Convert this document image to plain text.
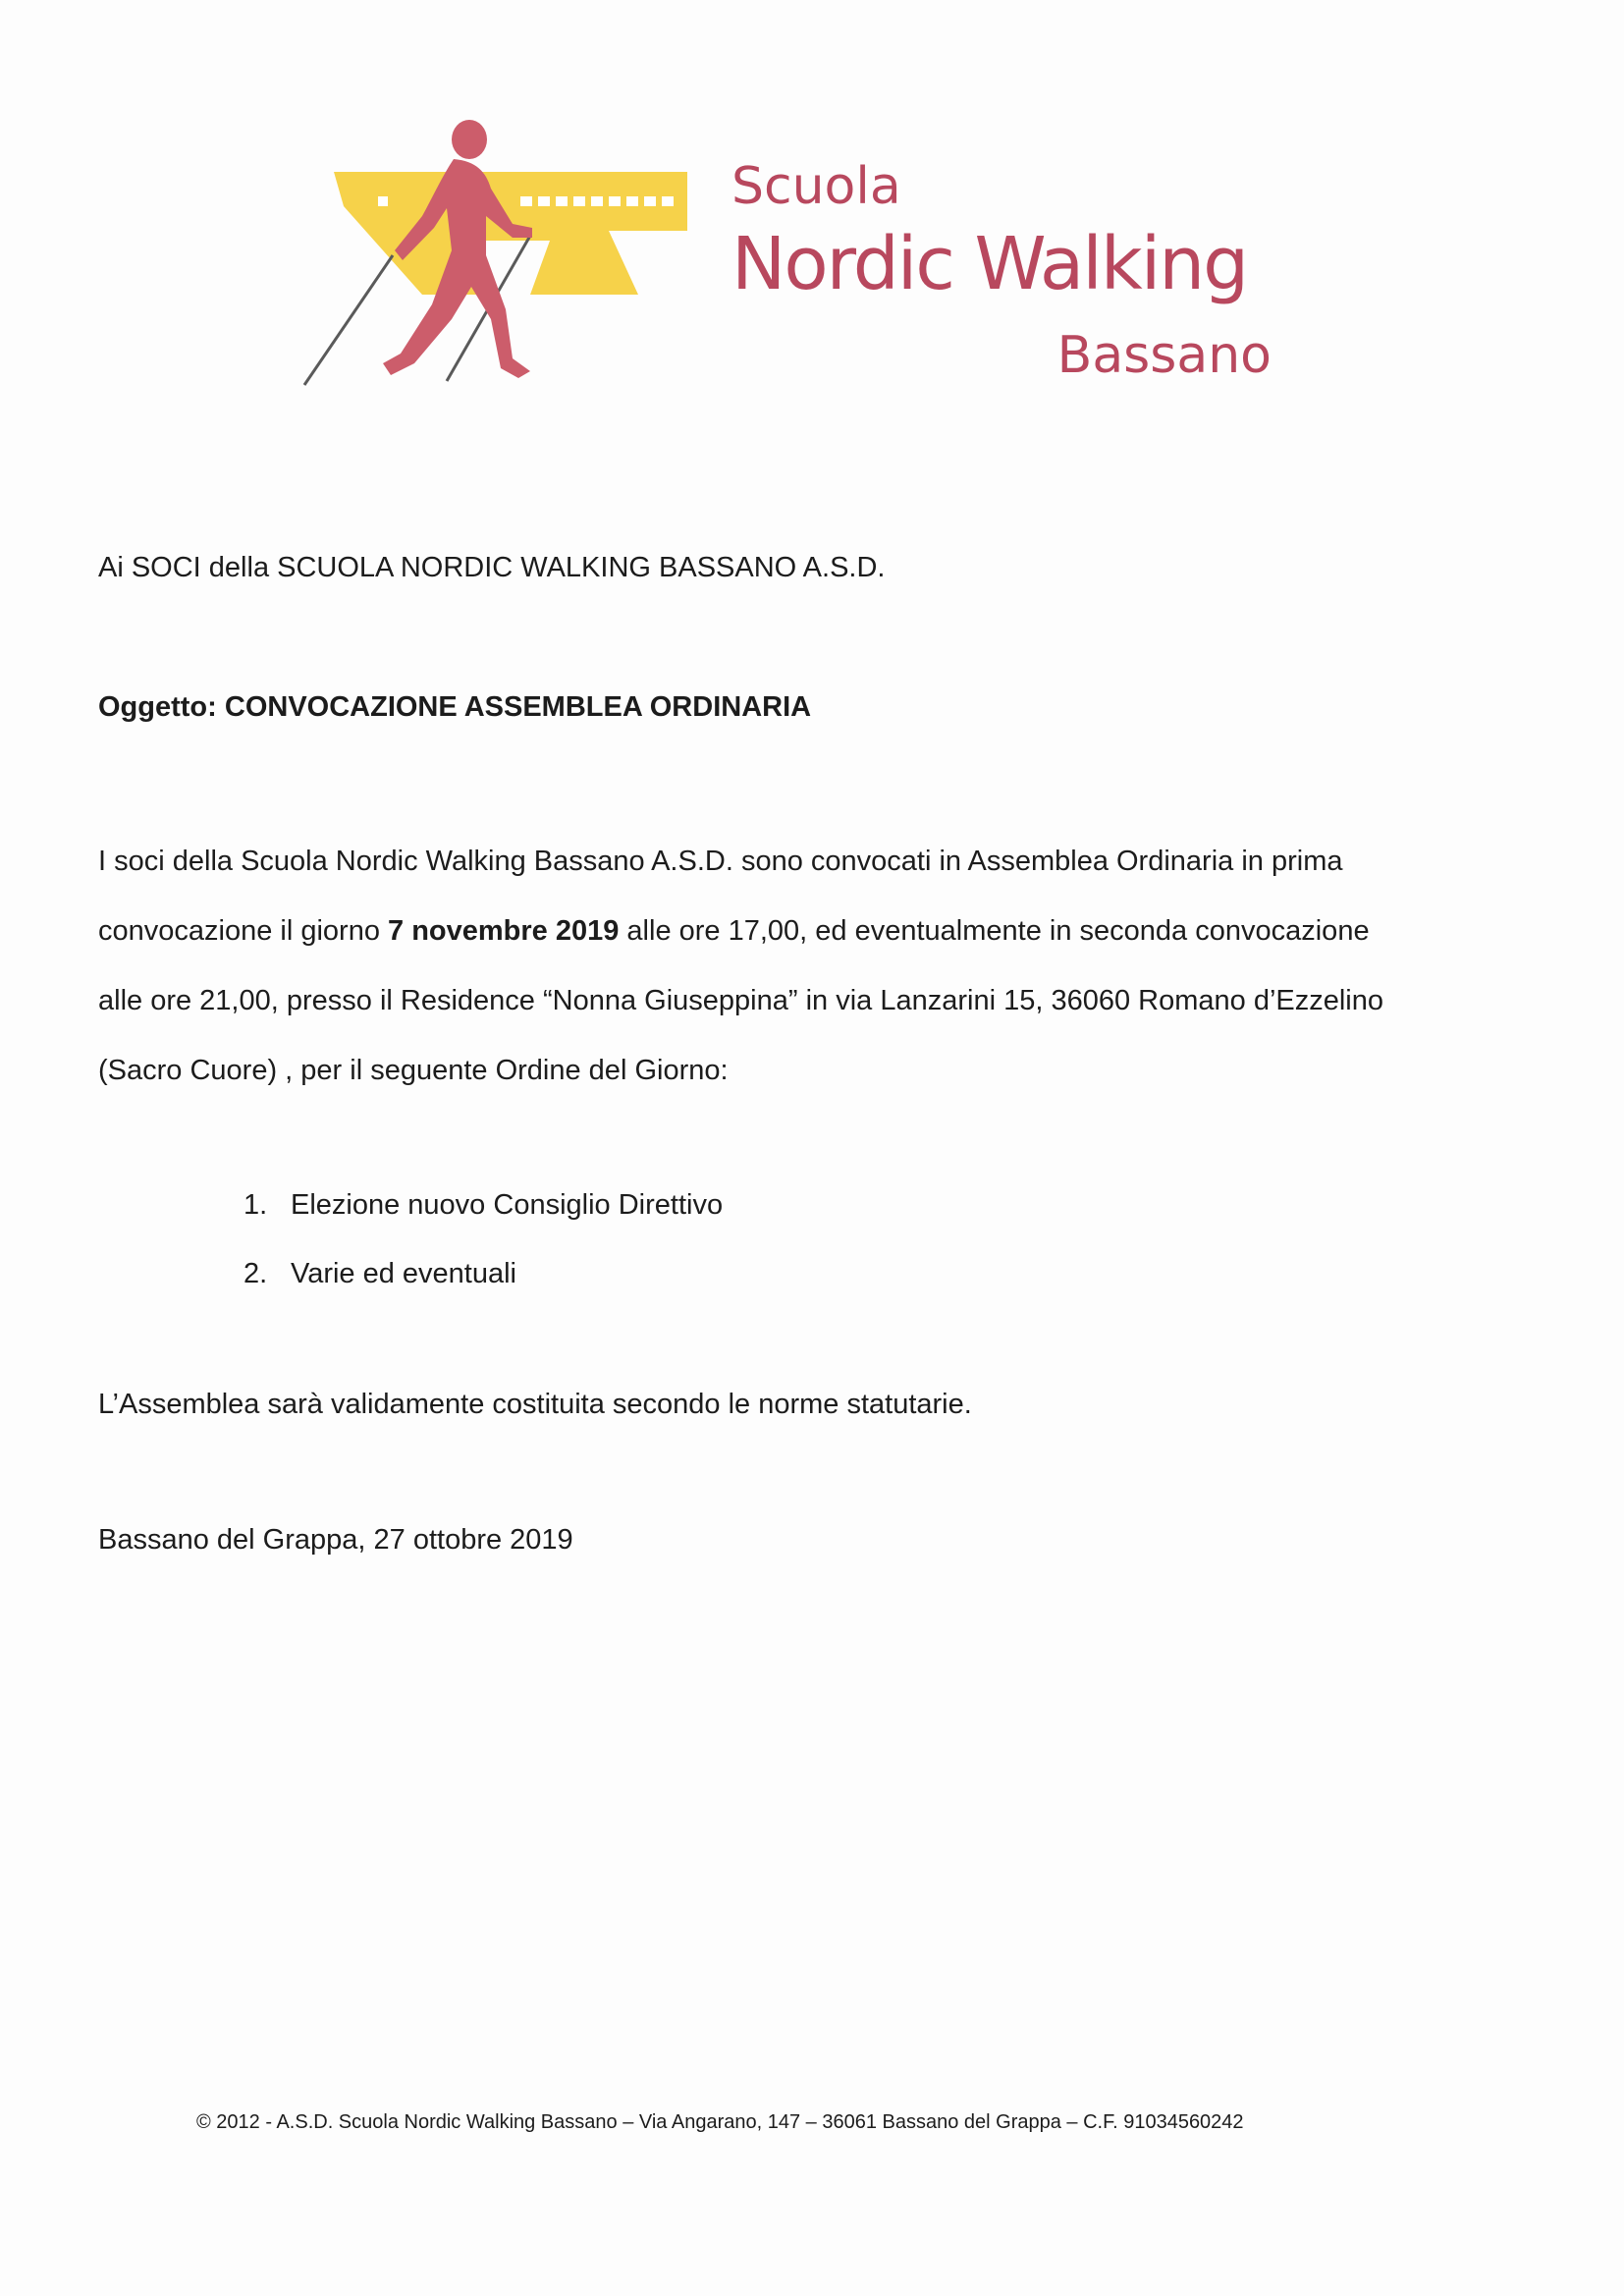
Scuola
Nordic Walking
Bassano
Ai SOCI della SCUOLA NORDIC WALKING BASSANO A.S.D.
Oggetto: CONVOCAZIONE ASSEMBLEA ORDINARIA
I soci della Scuola Nordic Walking Bassano A.S.D. sono convocati in Assemblea Ordinaria in prima
convocazione il giorno 7 novembre 2019 alle ore 17,00, ed eventualmente in seconda convocazione
alle ore 21,00, presso il Residence “Nonna Giuseppina” in via Lanzarini 15, 36060 Romano d’Ezzelino
(Sacro Cuore) , per il seguente Ordine del Giorno:
1. Elezione nuovo Consiglio Direttivo
2. Varie ed eventuali
L’Assemblea sarà validamente costituita secondo le norme statutarie.
Bassano del Grappa, 27 ottobre 2019
© 2012 - A.S.D. Scuola Nordic Walking Bassano – Via Angarano, 147 – 36061 Bassano del Grappa – C.F. 91034560242
